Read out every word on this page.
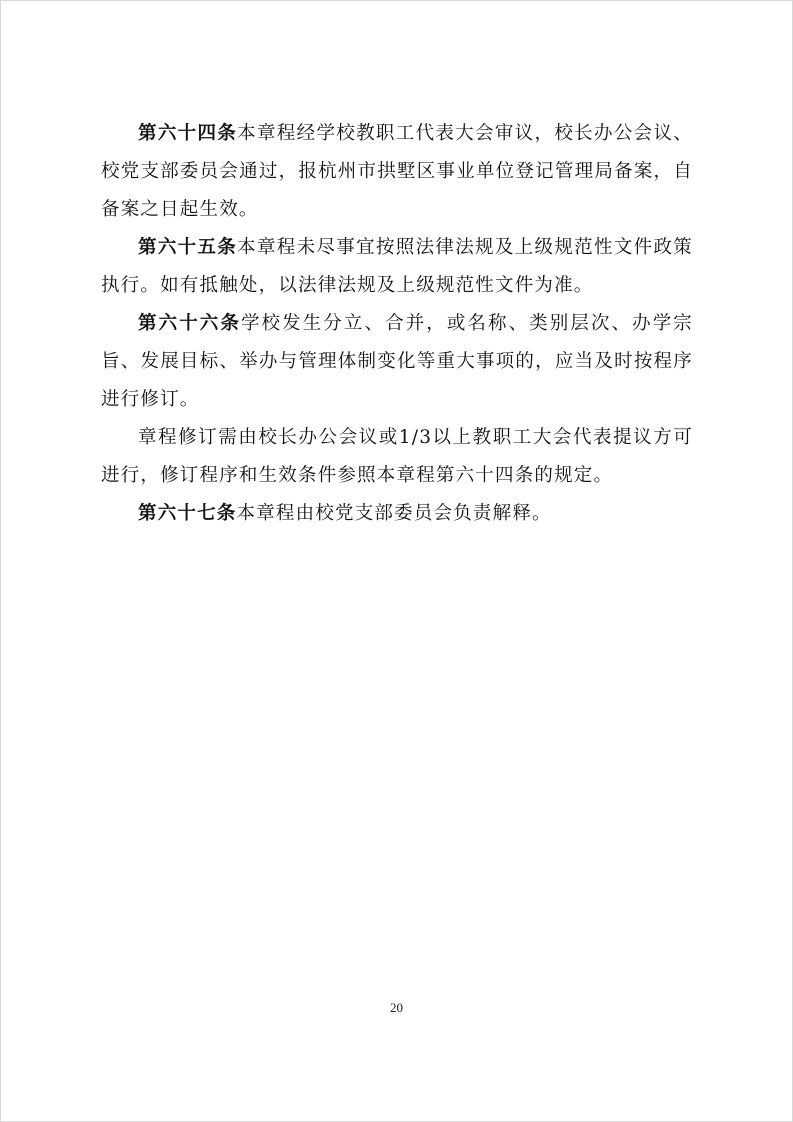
第六十四条本章程经学校教职工代表大会审议，校长办公会议、校党支部委员会通过，报杭州市拱墅区事业单位登记管理局备案，自备案之日起生效。

第六十五条本章程未尽事宜按照法律法规及上级规范性文件政策执行。如有抵触处，以法律法规及上级规范性文件为准。

第六十六条学校发生分立、合并，或名称、类别层次、办学宗旨、发展目标、举办与管理体制变化等重大事项的，应当及时按程序进行修订。

章程修订需由校长办公会议或1/3以上教职工大会代表提议方可进行，修订程序和生效条件参照本章程第六十四条的规定。

第六十七条本章程由校党支部委员会负责解释。

20
